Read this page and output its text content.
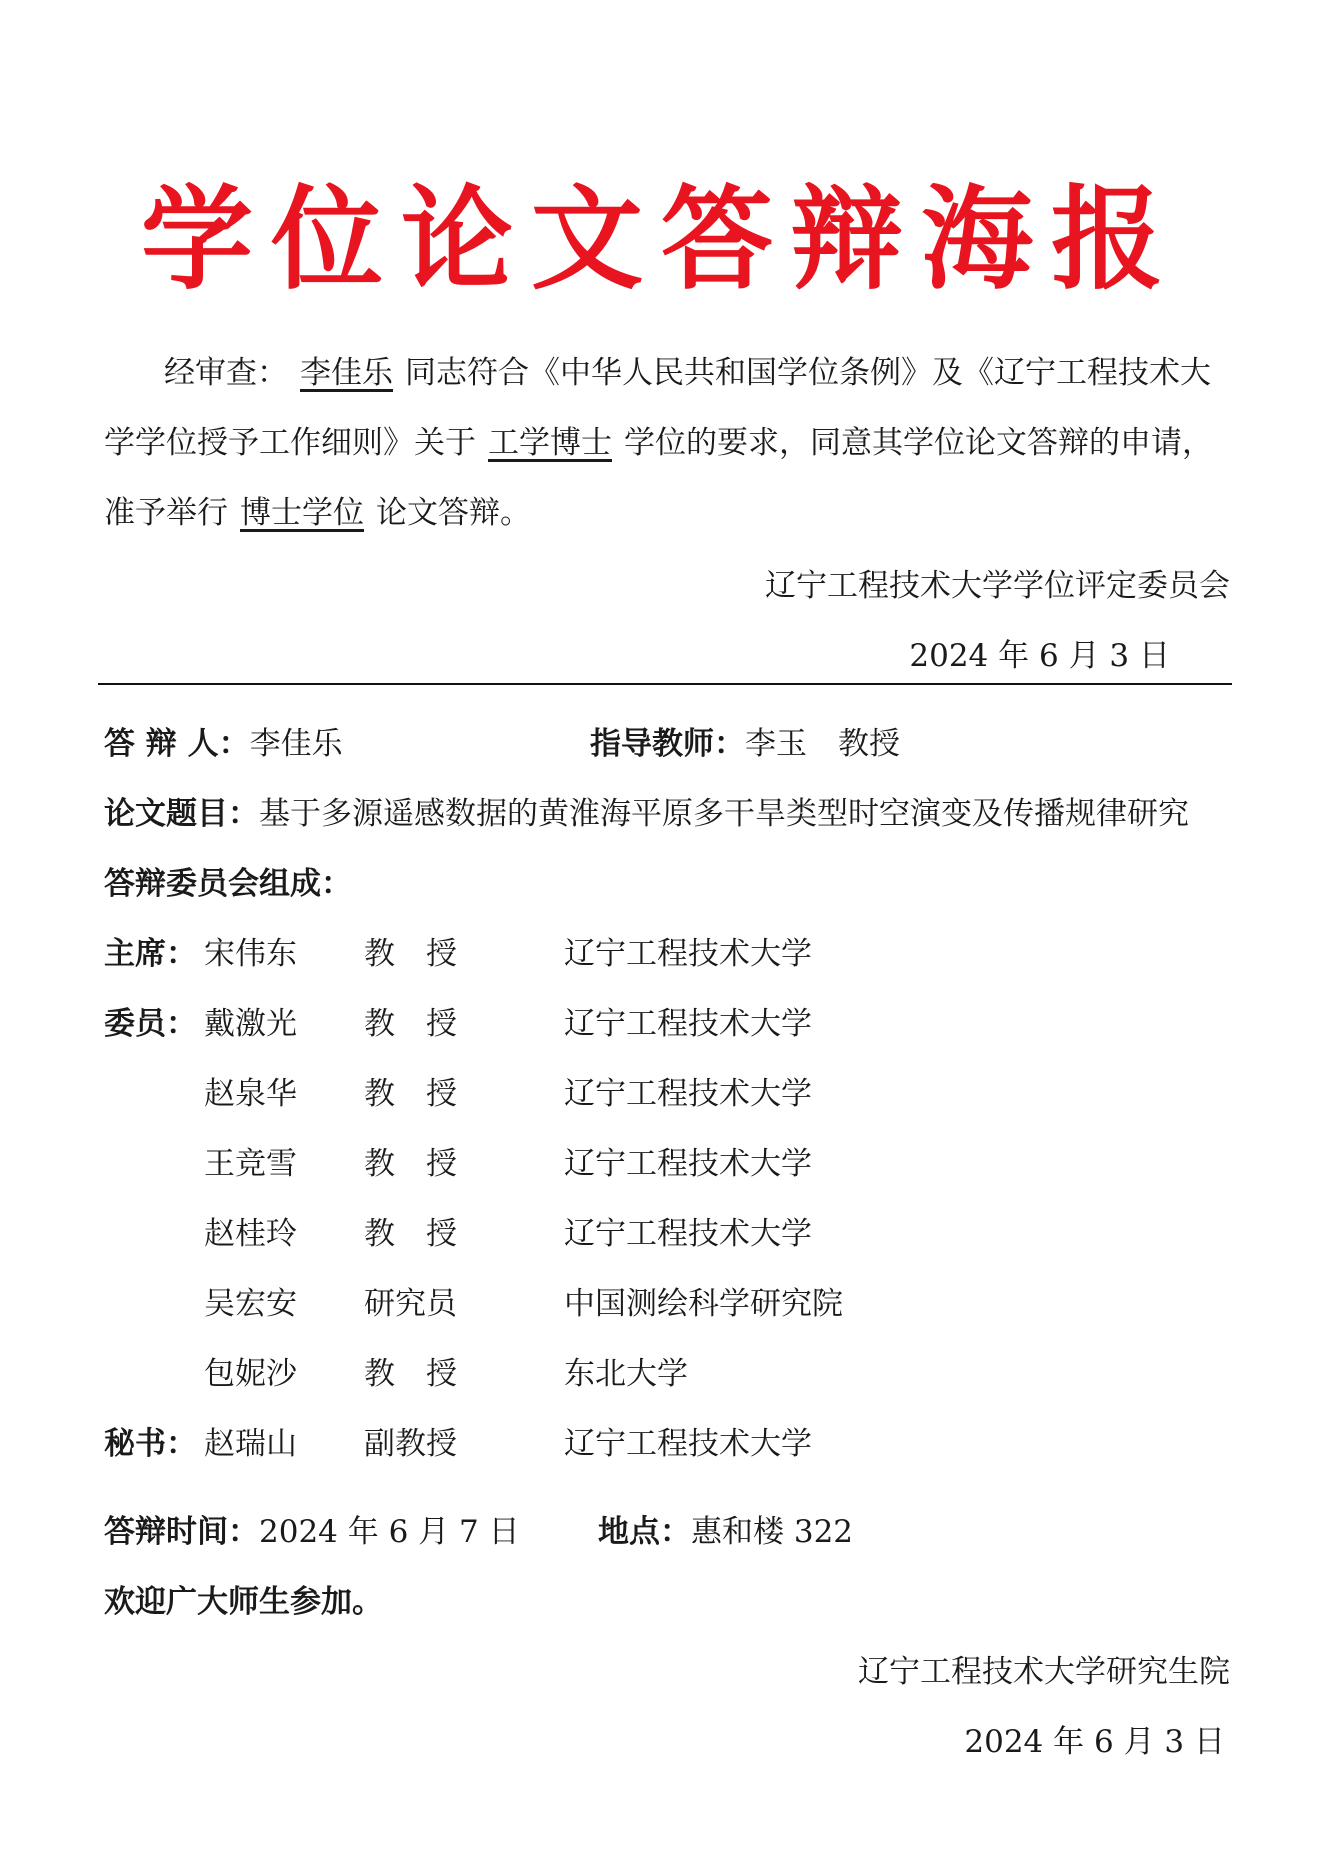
学位论文答辩海报
经审查： 李佳乐 同志符合《中华人民共和国学位条例》及《辽宁工程技术大学学位授予工作细则》关于 工学博士 学位的要求，同意其学位论文答辩的申请，准予举行 博士学位 论文答辩。
辽宁工程技术大学学位评定委员会
2024 年 6 月 3 日
答 辩 人：李佳乐	指导教师：李玉　教授
论文题目：基于多源遥感数据的黄淮海平原多干旱类型时空演变及传播规律研究
答辩委员会组成：
主席： 宋伟东 教　授	辽宁工程技术大学
委员： 戴激光 教　授	辽宁工程技术大学
赵泉华 教　授	辽宁工程技术大学
王竞雪 教　授	辽宁工程技术大学
赵桂玲 教　授	辽宁工程技术大学
吴宏安 研究员	中国测绘科学研究院
包妮沙 教　授	东北大学
秘书： 赵瑞山 副教授	辽宁工程技术大学
答辩时间：2024 年 6 月 7 日	地点：惠和楼 322
欢迎广大师生参加。
辽宁工程技术大学研究生院
2024 年 6 月 3 日
